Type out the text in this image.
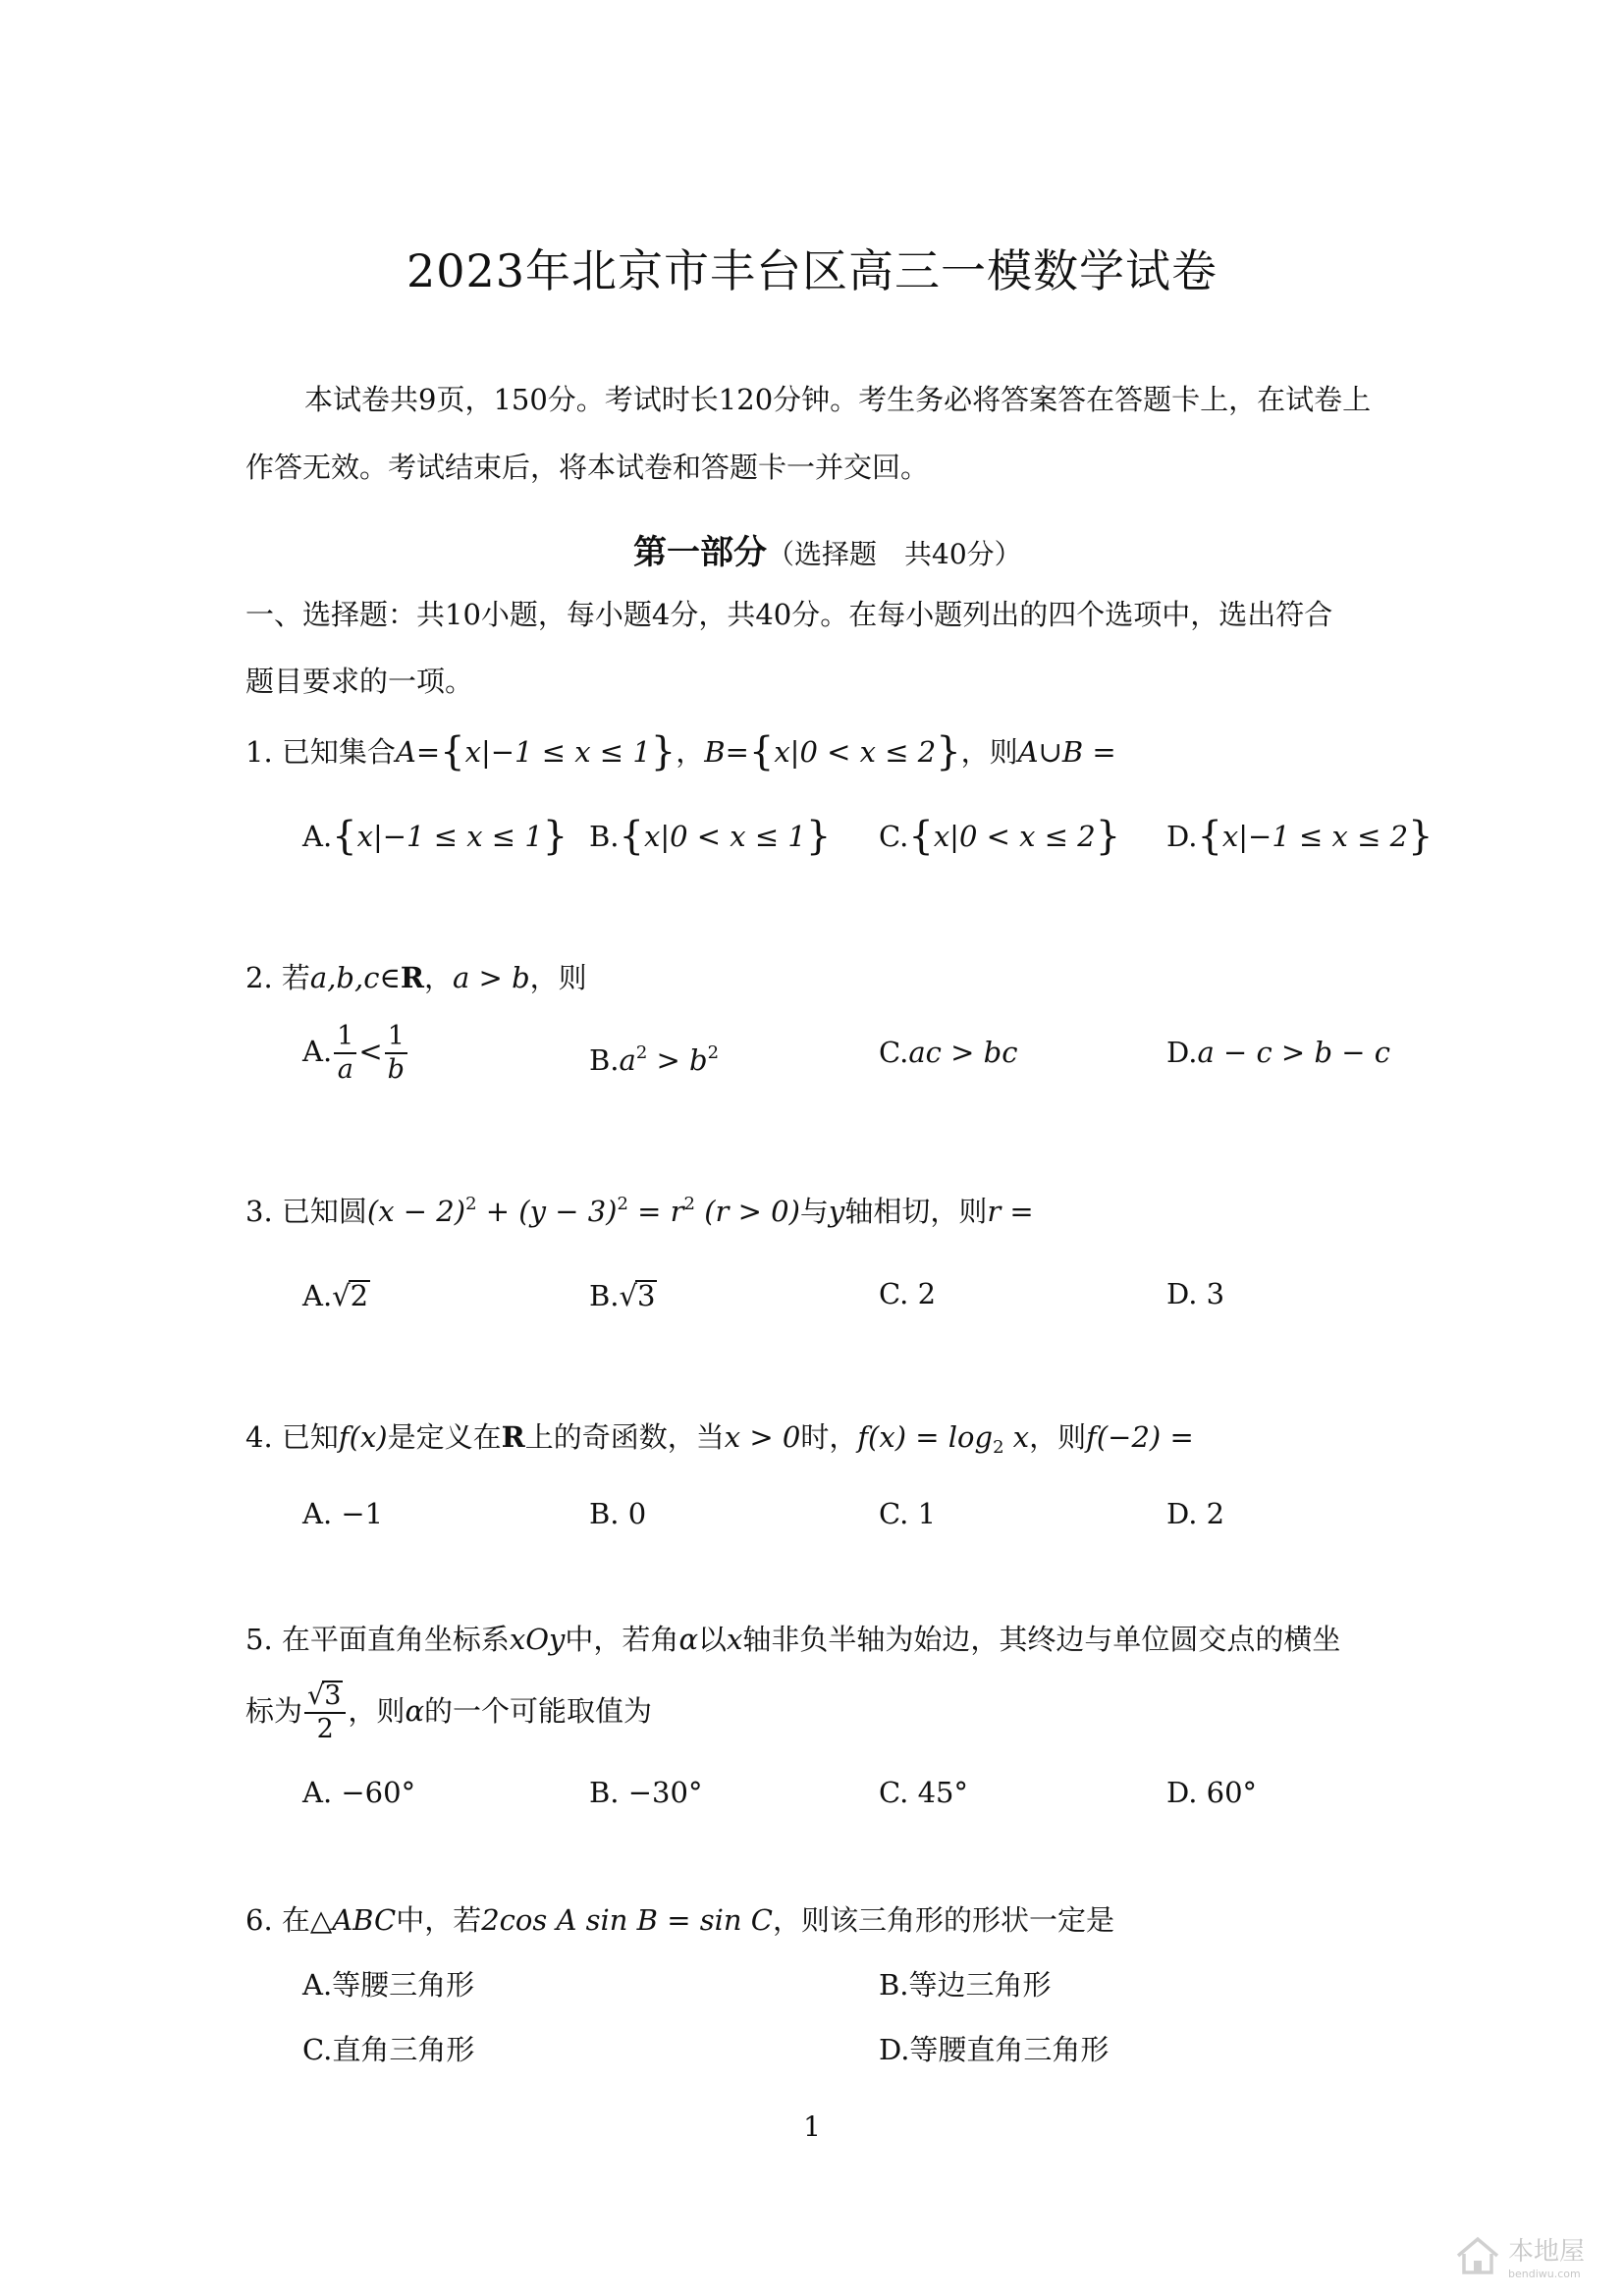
2023年北京市丰台区高三一模数学试卷
本试卷共9页，150分。考试时长120分钟。考生务必将答案答在答题卡上，在试卷上
作答无效。考试结束后，将本试卷和答题卡一并交回。
第一部分（选择题　共40分）
一、选择题：共10小题，每小题4分，共40分。在每小题列出的四个选项中，选出符合
题目要求的一项。
1. 已知集合A={x|−1 ≤ x ≤ 1}，B={x|0 < x ≤ 2}，则A∪B =
A.{x|−1 ≤ x ≤ 1} B.{x|0 < x ≤ 1} C.{x|0 < x ≤ 2} D.{x|−1 ≤ x ≤ 2}
2. 若a,b,c∈R，a > b，则
A. $\frac{1}{a} < \frac{1}{b}$	$B.a^2 > b^2$	C.ac > bc	D.a − c > b − c
3. 已知圆$(x - 2)^2 + (y - 3)^2 = r^2$ (r > 0)与y轴相切，则r =
A.√2	B.√3	C. 2	D. 3
4. 已知f(x)是定义在R上的奇函数，当x > 0时，$f(x) = \log_2 x$，则f(−2) =
A. −1	B. 0	C. 1	D. 2
5. 在平面直角坐标系xOy中，若角α以x轴非负半轴为始边，其终边与单位圆交点的横坐
标为 $\frac{√3}{2}$ ，则α的一个可能取值为
A. −60°	B. −30°	C. 45°	D. 60°
6. 在△ABC中，若2cos A sin B = sin C，则该三角形的形状一定是
A.等腰三角形	B.等边三角形
C.直角三角形	D.等腰直角三角形
1
本地屋
bendiwu.com
